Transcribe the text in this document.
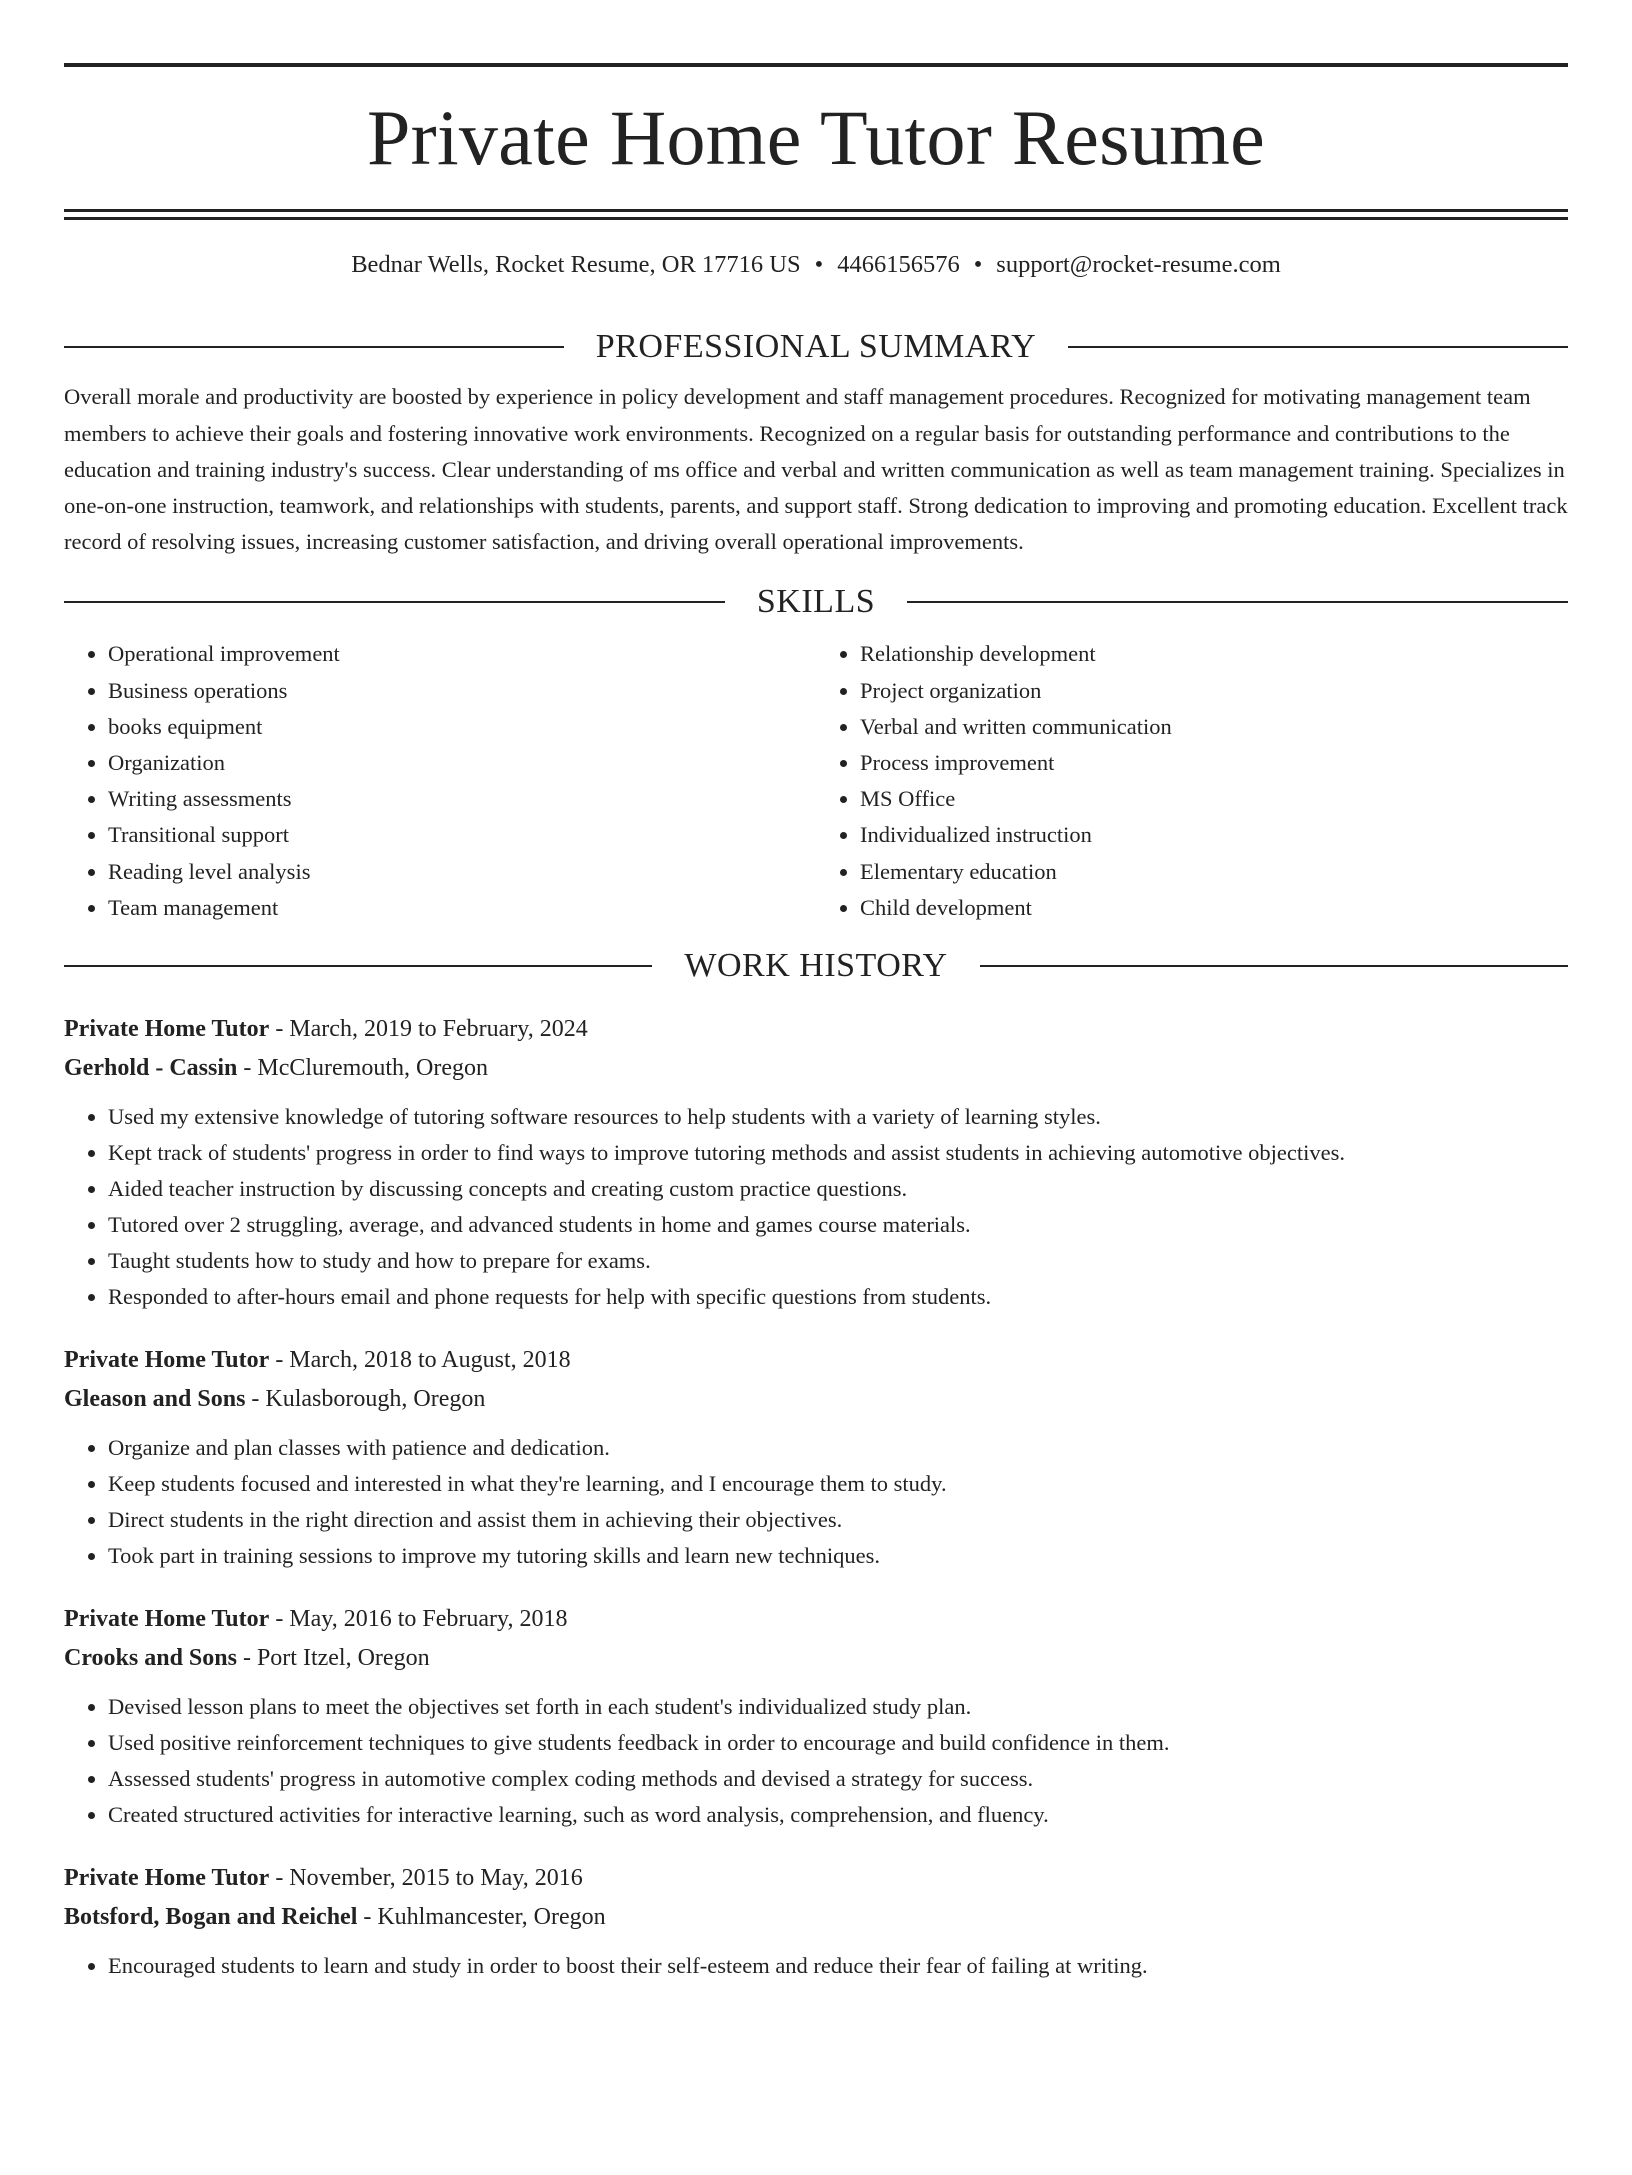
Private Home Tutor Resume
Bednar Wells, Rocket Resume, OR 17716 US • 4466156576 • support@rocket-resume.com
PROFESSIONAL SUMMARY
Overall morale and productivity are boosted by experience in policy development and staff management procedures. Recognized for motivating management team members to achieve their goals and fostering innovative work environments. Recognized on a regular basis for outstanding performance and contributions to the education and training industry's success. Clear understanding of ms office and verbal and written communication as well as team management training. Specializes in one-on-one instruction, teamwork, and relationships with students, parents, and support staff. Strong dedication to improving and promoting education. Excellent track record of resolving issues, increasing customer satisfaction, and driving overall operational improvements.
SKILLS
• Operational improvement
• Business operations
• books equipment
• Organization
• Writing assessments
• Transitional support
• Reading level analysis
• Team management
• Relationship development
• Project organization
• Verbal and written communication
• Process improvement
• MS Office
• Individualized instruction
• Elementary education
• Child development
WORK HISTORY
Private Home Tutor - March, 2019 to February, 2024
Gerhold - Cassin - McCluremouth, Oregon
• Used my extensive knowledge of tutoring software resources to help students with a variety of learning styles.
• Kept track of students' progress in order to find ways to improve tutoring methods and assist students in achieving automotive objectives.
• Aided teacher instruction by discussing concepts and creating custom practice questions.
• Tutored over 2 struggling, average, and advanced students in home and games course materials.
• Taught students how to study and how to prepare for exams.
• Responded to after-hours email and phone requests for help with specific questions from students.
Private Home Tutor - March, 2018 to August, 2018
Gleason and Sons - Kulasborough, Oregon
• Organize and plan classes with patience and dedication.
• Keep students focused and interested in what they're learning, and I encourage them to study.
• Direct students in the right direction and assist them in achieving their objectives.
• Took part in training sessions to improve my tutoring skills and learn new techniques.
Private Home Tutor - May, 2016 to February, 2018
Crooks and Sons - Port Itzel, Oregon
• Devised lesson plans to meet the objectives set forth in each student's individualized study plan.
• Used positive reinforcement techniques to give students feedback in order to encourage and build confidence in them.
• Assessed students' progress in automotive complex coding methods and devised a strategy for success.
• Created structured activities for interactive learning, such as word analysis, comprehension, and fluency.
Private Home Tutor - November, 2015 to May, 2016
Botsford, Bogan and Reichel - Kuhlmancester, Oregon
• Encouraged students to learn and study in order to boost their self-esteem and reduce their fear of failing at writing.
